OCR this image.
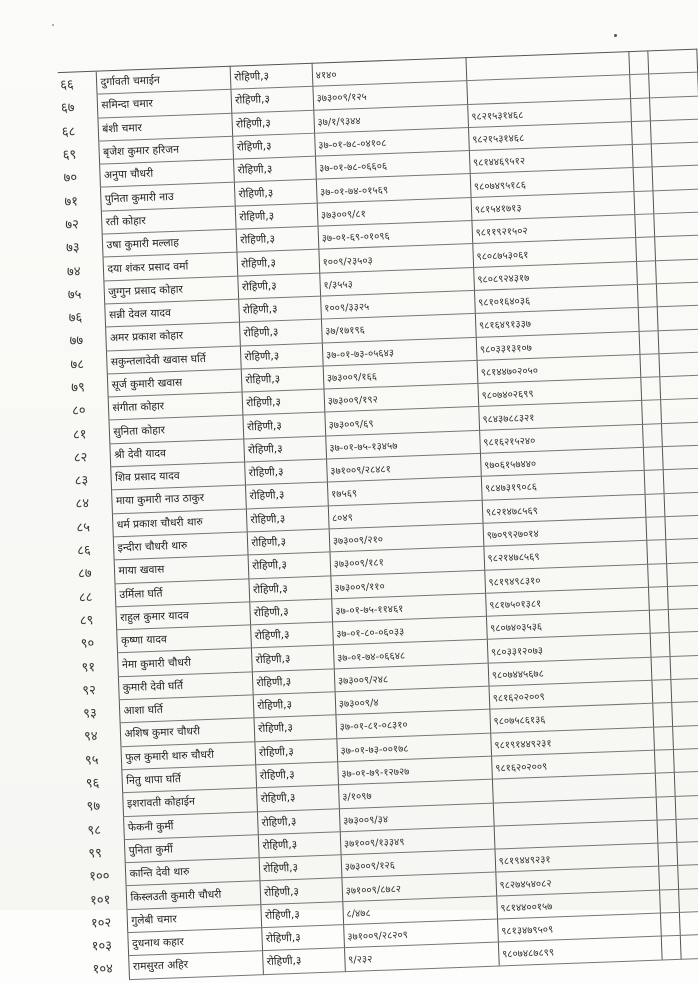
६६	दुर्गावती चमाईन	रोहिणी,३	४१४०			
६७	समिन्दा चमार	रोहिणी,३	३७३००९/१२५			
६८	बंशी चमार	रोहिणी,३	३७/१/९३४४	९८२१५३१४६८		
६९	बृजेश कुमार हरिजन	रोहिणी,३	३७-०१-७८-०४१०८	९८२१५३१४६८		
७०	अनुपा चौधरी	रोहिणी,३	३७-०१-७८-०६६०६	९८१४४६९५१२		
७१	पुनिता कुमारी नाउ	रोहिणी,३	३७-०१-७४-०१५६९	९८०७४९५१८६		
७२	रती कोहार	रोहिणी,३	३७३००९/८१	९८१५४१७१३		
७३	उषा कुमारी मल्लाह	रोहिणी,३	३७-०१-६९-०१०९६	९८११९२१५०२		
७४	दया शंकर प्रसाद वर्मा	रोहिणी,३	१००९/२३५०३	९८०८७५३०६१		
७५	जुग्गुन प्रसाद कोहार	रोहिणी,३	१/३५५३	९८०८९२४३१७		
७६	सन्नी देवल यादव	रोहिणी,३	१००९/३३२५	९८१०१६४०३६		
७७	अमर प्रकाश कोहार	रोहिणी,३	३७/१७१९६	९८१६४९१३३७		
७८	सकुन्तलादेवी खवास घर्ति	रोहिणी,३	३७-०१-७३-०५६४३	९८०३३१३१०७		
७९	सूर्ज कुमारी खवास	रोहिणी,३	३७३००९/१६६	९८१४४७०२०५०		
८०	संगीता कोहार	रोहिणी,३	३७३००९/१९२	९८०७४०२६९९		
८१	सुनिता कोहार	रोहिणी,३	३७३००९/६९	९८४३७८८३२१		
८२	श्री देवी यादव	रोहिणी,३	३७-०१-७५-१३४५७	९८१६२१५२४०		
८३	शिव प्रसाद यादव	रोहिणी,३	३७१००९/२८४८१	९७०६१५७४४०		
८४	माया कुमारी नाउ ठाकुर	रोहिणी,३	१७५६९	९८४७३१९०८६		
८५	धर्म प्रकाश चौधरी थारु	रोहिणी,३	८०४९	९८२१४७८५६९		
८६	इन्दीरा चौधरी थारु	रोहिणी,३	३७३००९/२१०	९७०९९२७०१४		
८७	माया खवास	रोहिणी,३	३७३००९/१८१	९८२१४७८५६९		
८८	उर्मिला घर्ति	रोहिणी,३	३७३००९/११०	९८१९४९८३१०		
८९	राहुल कुमार यादव	रोहिणी,३	३७-०१-७५-११४६१	९८१७५०१३८१		
९०	कृष्णा यादव	रोहिणी,३	३७-०१-८०-०६०३३	९८०७४०३५३६		
९१	नेमा कुमारी चौधरी	रोहिणी,३	३७-०१-७४-०६६४८	९८०३३१२०७३		
९२	कुमारी देवी घर्ति	रोहिणी,३	३७३००९/२४८	९८०७४४५६७८		
९३	आशा घर्ति	रोहिणी,३	३७३००९/४	९८१६२०२००९		
९४	अशिष कुमार चौधरी	रोहिणी,३	३७-०१-८१-०८३१०	९८०७५८६१३६		
९५	फुल कुमारी थारु चौधरी	रोहिणी,३	३७-०१-७३-००१७८	९८१९१४४९२३१		
९६	नितु थापा घर्ति	रोहिणी,३	३७-०१-७९-१२७२७	९८१६२०२००९		
९७	इशरावती कोहाईन	रोहिणी,३	३/१०९७			
९८	फेकनी कुर्मी	रोहिणी,३	३७३००९/३४			
९९	पुनिता कुर्मी	रोहिणी,३	३७१००९/१३३४९			
१००	कान्ति देवी थारु	रोहिणी,३	३७३००९/१२६	९८१९४४९२३१		
१०१	किस्लउती कुमारी चौधरी	रोहिणी,३	३७१००९/८७८२	९८२७४५४०८२		
१०२	गुलेबी चमार	रोहिणी,३	८/४७८	९८१४४००१५७		
१०३	दुधनाथ कहार	रोहिणी,३	३७१००९/२८२०९	९८१३४७९५०९		
१०४	रामसुरत अहिर	रोहिणी,३	९/२३२	९८०७४८७८९९		
